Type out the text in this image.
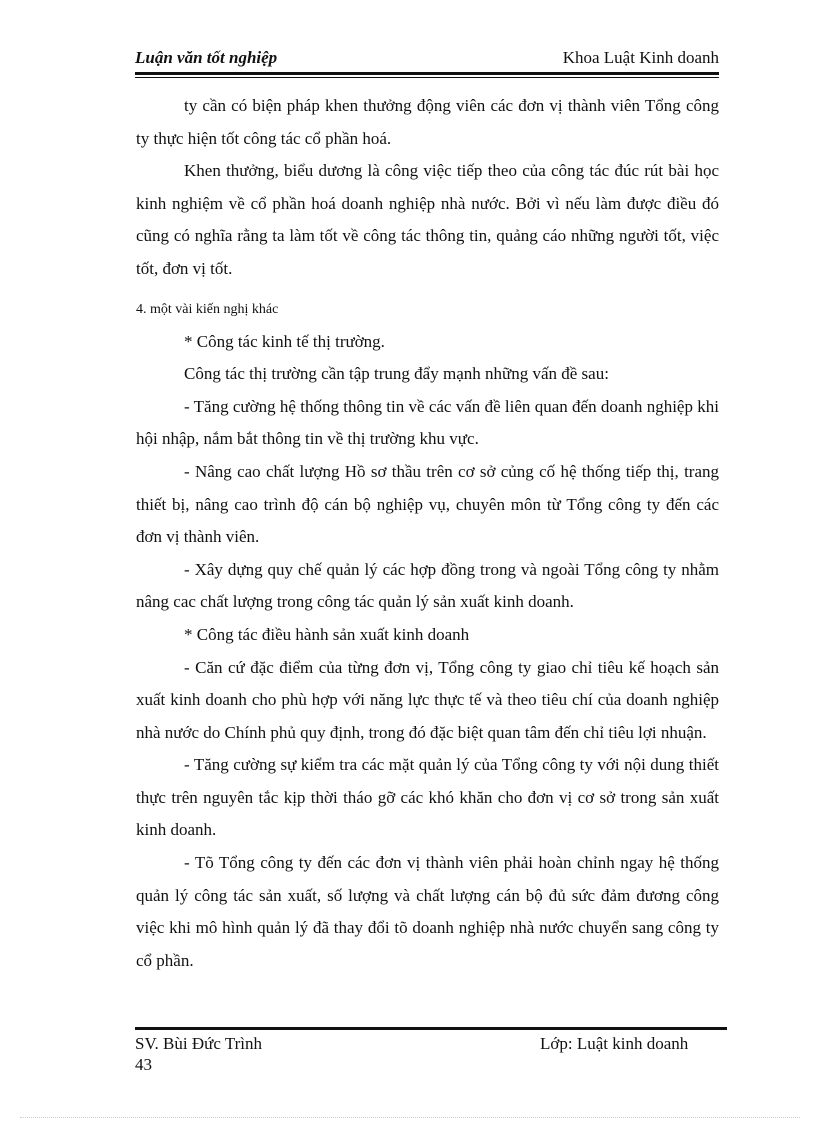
Luận văn tốt nghiệp	Khoa Luật Kinh doanh

ty cần có biện pháp khen thưởng động viên các đơn vị thành viên Tổng công ty thực hiện tốt công tác cổ phần hoá.

Khen thưởng, biểu dương là công việc tiếp theo của công tác đúc rút bài học kinh nghiệm về cổ phần hoá doanh nghiệp nhà nước. Bởi vì nếu làm được điều đó cũng có nghĩa rằng ta làm tốt về công tác thông tin, quảng cáo những người tốt, việc tốt, đơn vị tốt.

4. một vài kiến nghị khác

* Công tác kinh tế thị trường.

Công tác thị trường cần tập trung đẩy mạnh những vấn đề sau:

- Tăng cường hệ thống thông tin về các vấn đề liên quan đến doanh nghiệp khi hội nhập, nắm bắt thông tin về thị trường khu vực.

- Nâng cao chất lượng Hồ sơ thầu trên cơ sở củng cố hệ thống tiếp thị, trang thiết bị, nâng cao trình độ cán bộ nghiệp vụ, chuyên môn từ Tổng công ty đến các đơn vị thành viên.

- Xây dựng quy chế quản lý các hợp đồng trong và ngoài Tổng công ty nhằm nâng cac chất lượng trong công tác quản lý sản xuất kinh doanh.

* Công tác điều hành sản xuất kinh doanh

- Căn cứ đặc điểm của từng đơn vị, Tổng công ty giao chỉ tiêu kế hoạch sản xuất kinh doanh cho phù hợp với năng lực thực tế và theo tiêu chí của doanh nghiệp nhà nước do Chính phủ quy định, trong đó đặc biệt quan tâm đến chỉ tiêu lợi nhuận.

- Tăng cường sự kiểm tra các mặt quản lý của Tổng công ty với nội dung thiết thực trên nguyên tắc kịp thời tháo gỡ các khó khăn cho đơn vị cơ sở trong sản xuất kinh doanh.

- Tõ Tổng công ty đến các đơn vị thành viên phải hoàn chỉnh ngay hệ thống quản lý công tác sản xuất, số lượng và chất lượng cán bộ đủ sức đảm đương công việc khi mô hình quản lý đã thay đổi tõ doanh nghiệp nhà nước chuyển sang công ty cổ phần.

SV. Bùi Đức Trình	Lớp: Luật kinh doanh
43
